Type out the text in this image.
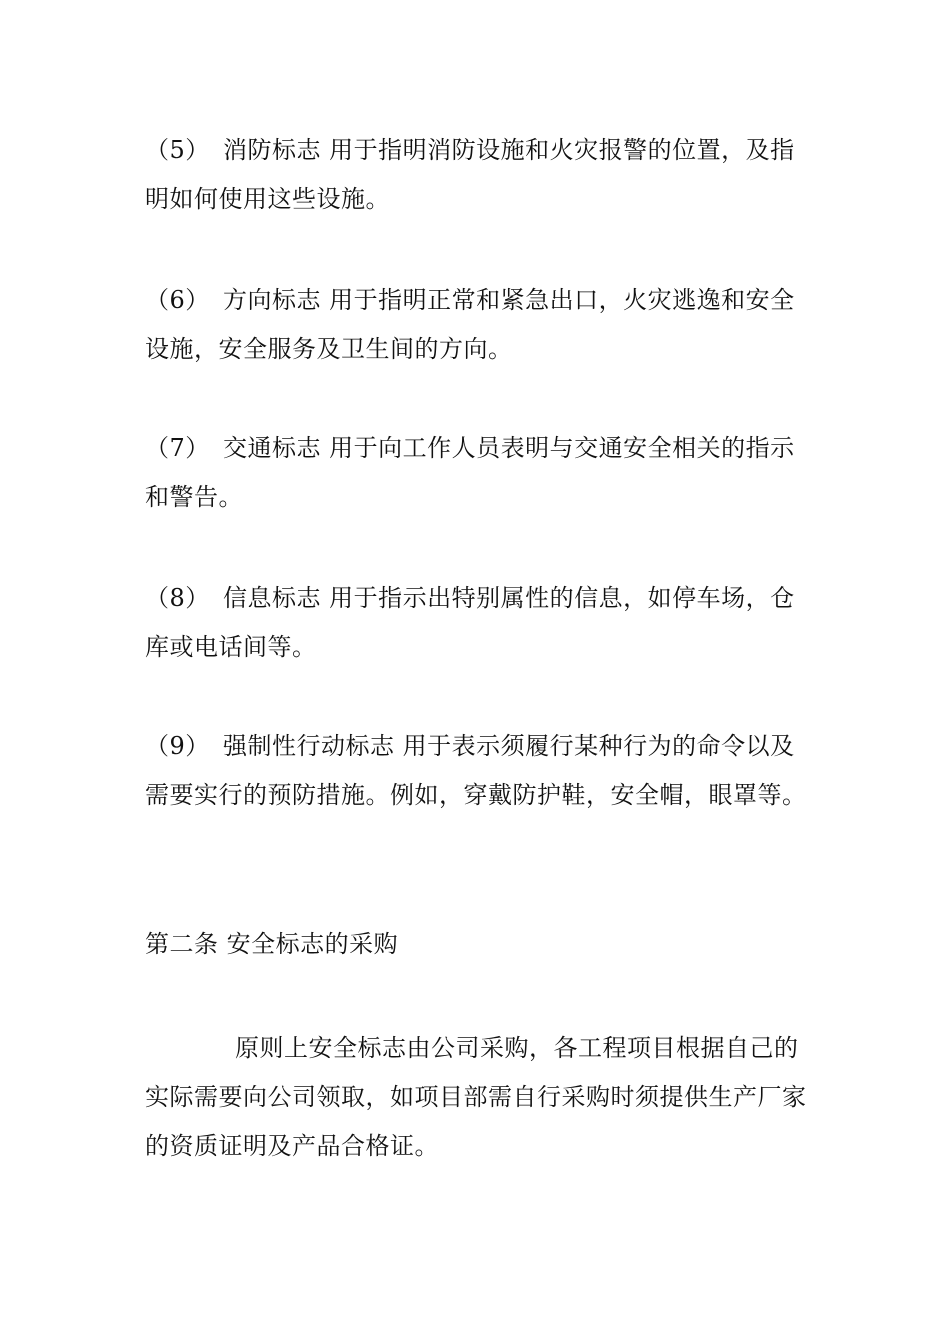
（5） 消防标志 用于指明消防设施和火灾报警的位置，及指明如何使用这些设施。

（6） 方向标志 用于指明正常和紧急出口，火灾逃逸和安全设施，安全服务及卫生间的方向。

（7） 交通标志 用于向工作人员表明与交通安全相关的指示和警告。

（8） 信息标志 用于指示出特别属性的信息，如停车场，仓库或电话间等。

（9） 强制性行动标志 用于表示须履行某种行为的命令以及需要实行的预防措施。例如，穿戴防护鞋，安全帽，眼罩等。

第二条 安全标志的采购

原则上安全标志由公司采购，各工程项目根据自己的实际需要向公司领取，如项目部需自行采购时须提供生产厂家的资质证明及产品合格证。
